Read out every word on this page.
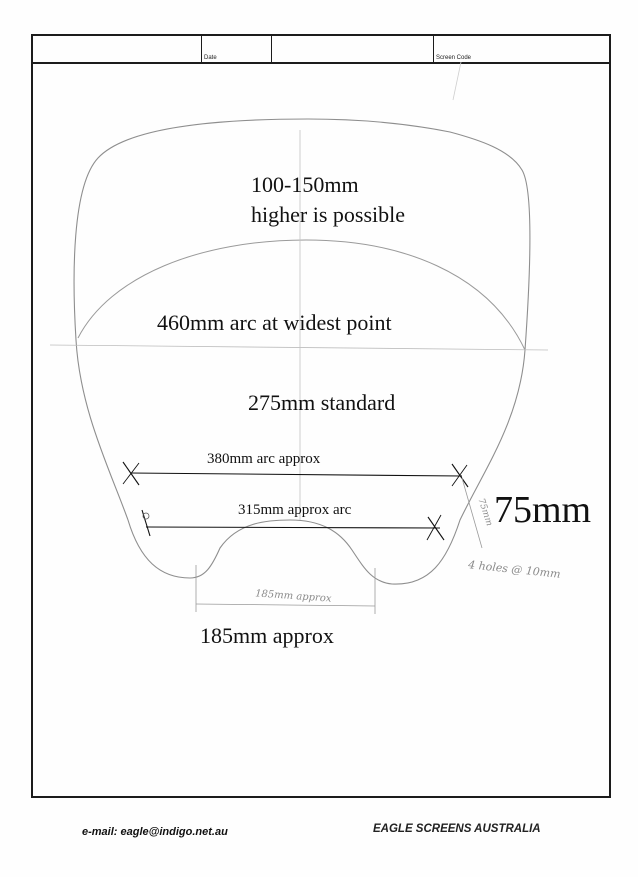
Date	Screen Code
100-150mm
higher is possible
460mm arc at widest point
275mm standard
380mm arc approx
315mm approx arc	75mm
185mm approx
4 holes @ 10mm
185mm approx
75mm
e-mail: eagle@indigo.net.au	EAGLE SCREENS AUSTRALIA
